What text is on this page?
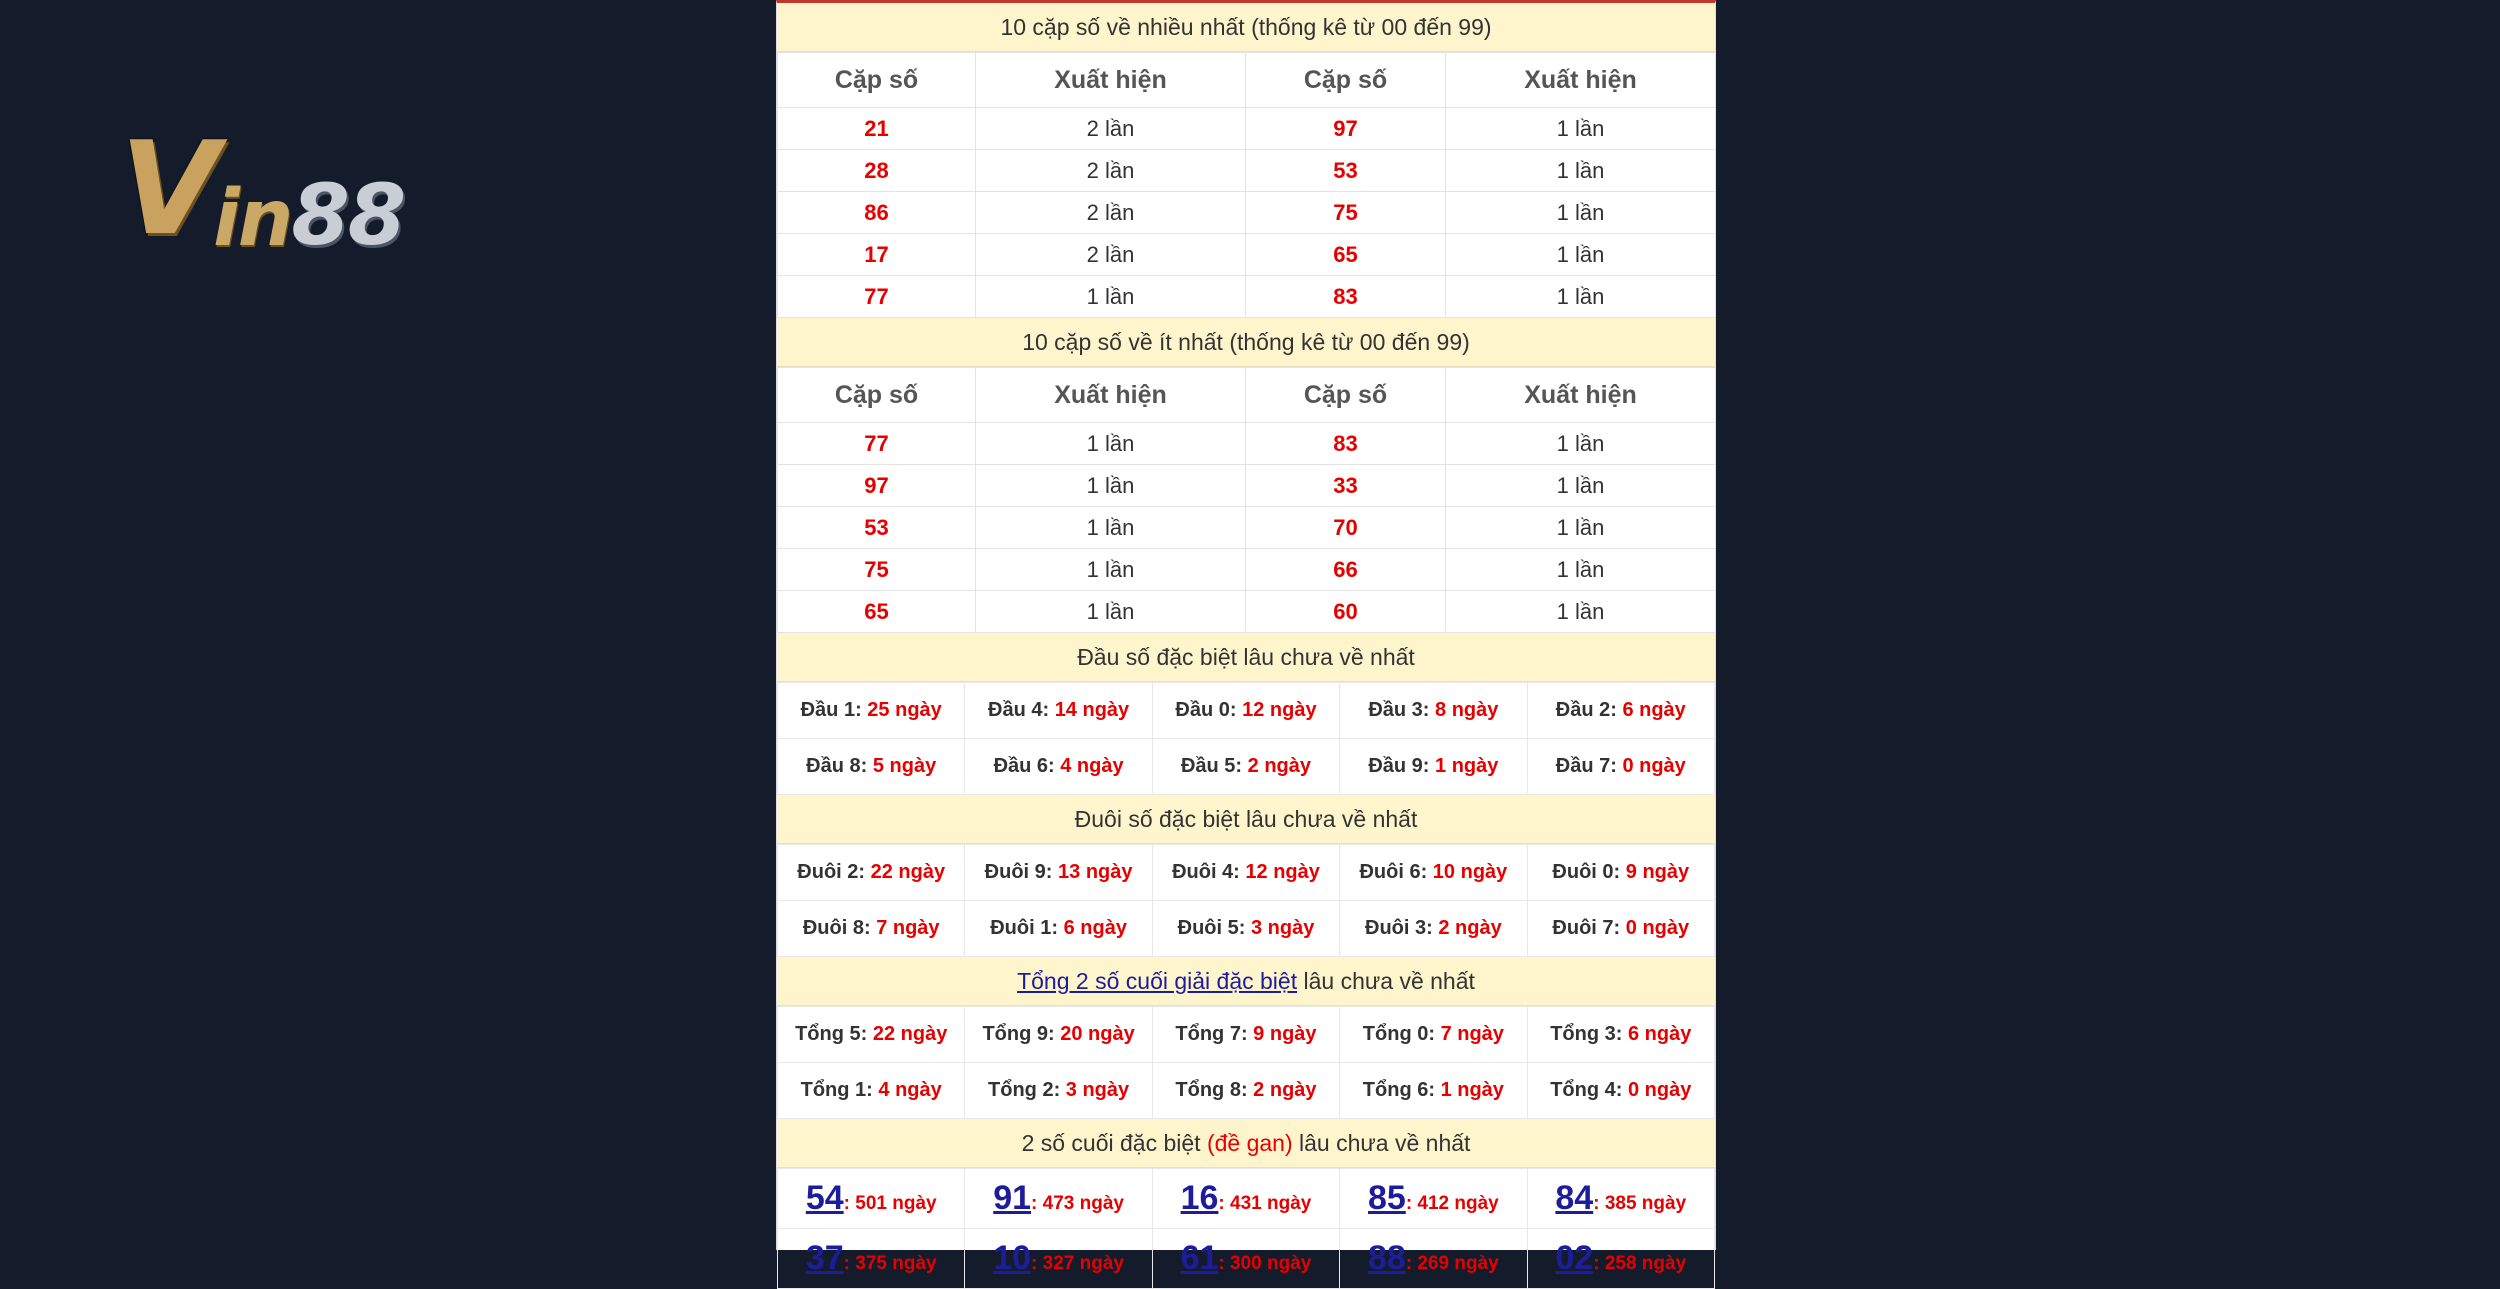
Vin88
10 cặp số về nhiều nhất (thống kê từ 00 đến 99)
Cặp số	Xuất hiện	Cặp số	Xuất hiện
21	2 lần	97	1 lần
28	2 lần	53	1 lần
86	2 lần	75	1 lần
17	2 lần	65	1 lần
77	1 lần	83	1 lần
10 cặp số về ít nhất (thống kê từ 00 đến 99)
Cặp số	Xuất hiện	Cặp số	Xuất hiện
77	1 lần	83	1 lần
97	1 lần	33	1 lần
53	1 lần	70	1 lần
75	1 lần	66	1 lần
65	1 lần	60	1 lần
Đầu số đặc biệt lâu chưa về nhất
Đầu 1: 25 ngày	Đầu 4: 14 ngày	Đầu 0: 12 ngày	Đầu 3: 8 ngày	Đầu 2: 6 ngày
Đầu 8: 5 ngày	Đầu 6: 4 ngày	Đầu 5: 2 ngày	Đầu 9: 1 ngày	Đầu 7: 0 ngày
Đuôi số đặc biệt lâu chưa về nhất
Đuôi 2: 22 ngày	Đuôi 9: 13 ngày	Đuôi 4: 12 ngày	Đuôi 6: 10 ngày	Đuôi 0: 9 ngày
Đuôi 8: 7 ngày	Đuôi 1: 6 ngày	Đuôi 5: 3 ngày	Đuôi 3: 2 ngày	Đuôi 7: 0 ngày
Tổng 2 số cuối giải đặc biệt lâu chưa về nhất
Tổng 5: 22 ngày	Tổng 9: 20 ngày	Tổng 7: 9 ngày	Tổng 0: 7 ngày	Tổng 3: 6 ngày
Tổng 1: 4 ngày	Tổng 2: 3 ngày	Tổng 8: 2 ngày	Tổng 6: 1 ngày	Tổng 4: 0 ngày
2 số cuối đặc biệt (đề gan) lâu chưa về nhất
54: 501 ngày	91: 473 ngày	16: 431 ngày	85: 412 ngày	84: 385 ngày
37: 375 ngày	10: 327 ngày	61: 300 ngày	88: 269 ngày	02: 258 ngày
